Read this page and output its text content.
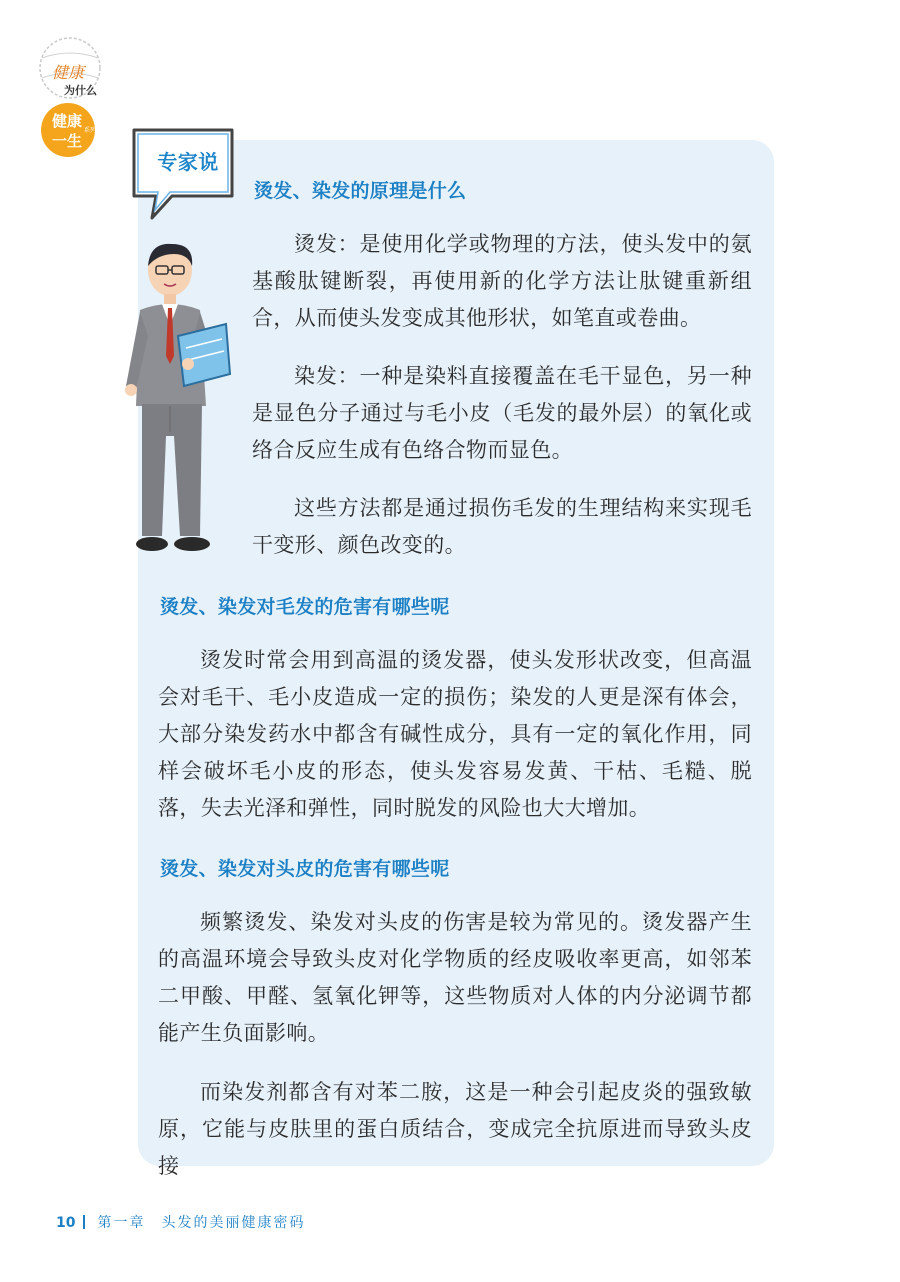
健康
为什么
健康
一生
系列
专家说
烫发、染发的原理是什么
烫发：是使用化学或物理的方法，使头发中的氨基酸肽键断裂，再使用新的化学方法让肽键重新组合，从而使头发变成其他形状，如笔直或卷曲。
染发：一种是染料直接覆盖在毛干显色，另一种是显色分子通过与毛小皮（毛发的最外层）的氧化或络合反应生成有色络合物而显色。
这些方法都是通过损伤毛发的生理结构来实现毛干变形、颜色改变的。
烫发、染发对毛发的危害有哪些呢
烫发时常会用到高温的烫发器，使头发形状改变，但高温会对毛干、毛小皮造成一定的损伤；染发的人更是深有体会，大部分染发药水中都含有碱性成分，具有一定的氧化作用，同样会破坏毛小皮的形态，使头发容易发黄、干枯、毛糙、脱落，失去光泽和弹性，同时脱发的风险也大大增加。
烫发、染发对头皮的危害有哪些呢
频繁烫发、染发对头皮的伤害是较为常见的。烫发器产生的高温环境会导致头皮对化学物质的经皮吸收率更高，如邻苯二甲酸、甲醛、氢氧化钾等，这些物质对人体的内分泌调节都能产生负面影响。
而染发剂都含有对苯二胺，这是一种会引起皮炎的强致敏原，它能与皮肤里的蛋白质结合，变成完全抗原进而导致头皮接
10 第一章　头发的美丽健康密码
